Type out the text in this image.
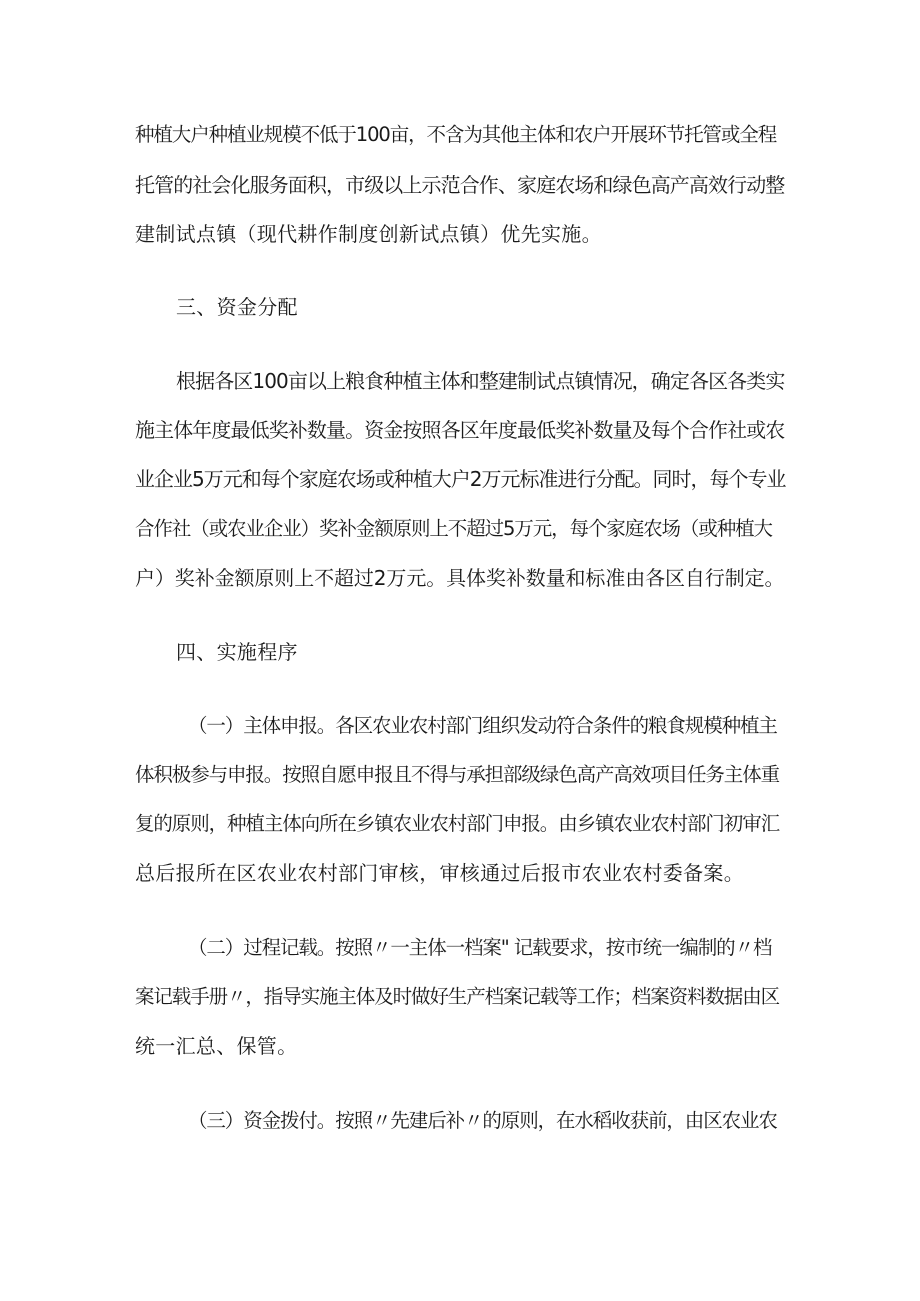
种植大户种植业规模不低于100亩，不含为其他主体和农户开展环节托管或全程

托管的社会化服务面积，市级以上示范合作、家庭农场和绿色高产高效行动整

建制试点镇（现代耕作制度创新试点镇）优先实施。

三、资金分配

根据各区100亩以上粮食种植主体和整建制试点镇情况，确定各区各类实

施主体年度最低奖补数量。资金按照各区年度最低奖补数量及每个合作社或农

业企业5万元和每个家庭农场或种植大户2万元标准进行分配。同时，每个专业

合作社（或农业企业）奖补金额原则上不超过5万元，每个家庭农场（或种植大

户）奖补金额原则上不超过2万元。具体奖补数量和标准由各区自行制定。

四、实施程序

（一）主体申报。各区农业农村部门组织发动符合条件的粮食规模种植主

体积极参与申报。按照自愿申报且不得与承担部级绿色高产高效项目任务主体重

复的原则，种植主体向所在乡镇农业农村部门申报。由乡镇农业农村部门初审汇

总后报所在区农业农村部门审核，审核通过后报市农业农村委备案。

（二）过程记载。按照〃一主体一档案" 记载要求，按市统一编制的〃档

案记载手册〃，指导实施主体及时做好生产档案记载等工作；档案资料数据由区

统一汇总、保管。

（三）资金拨付。按照〃先建后补〃的原则，在水稻收获前，由区农业农
